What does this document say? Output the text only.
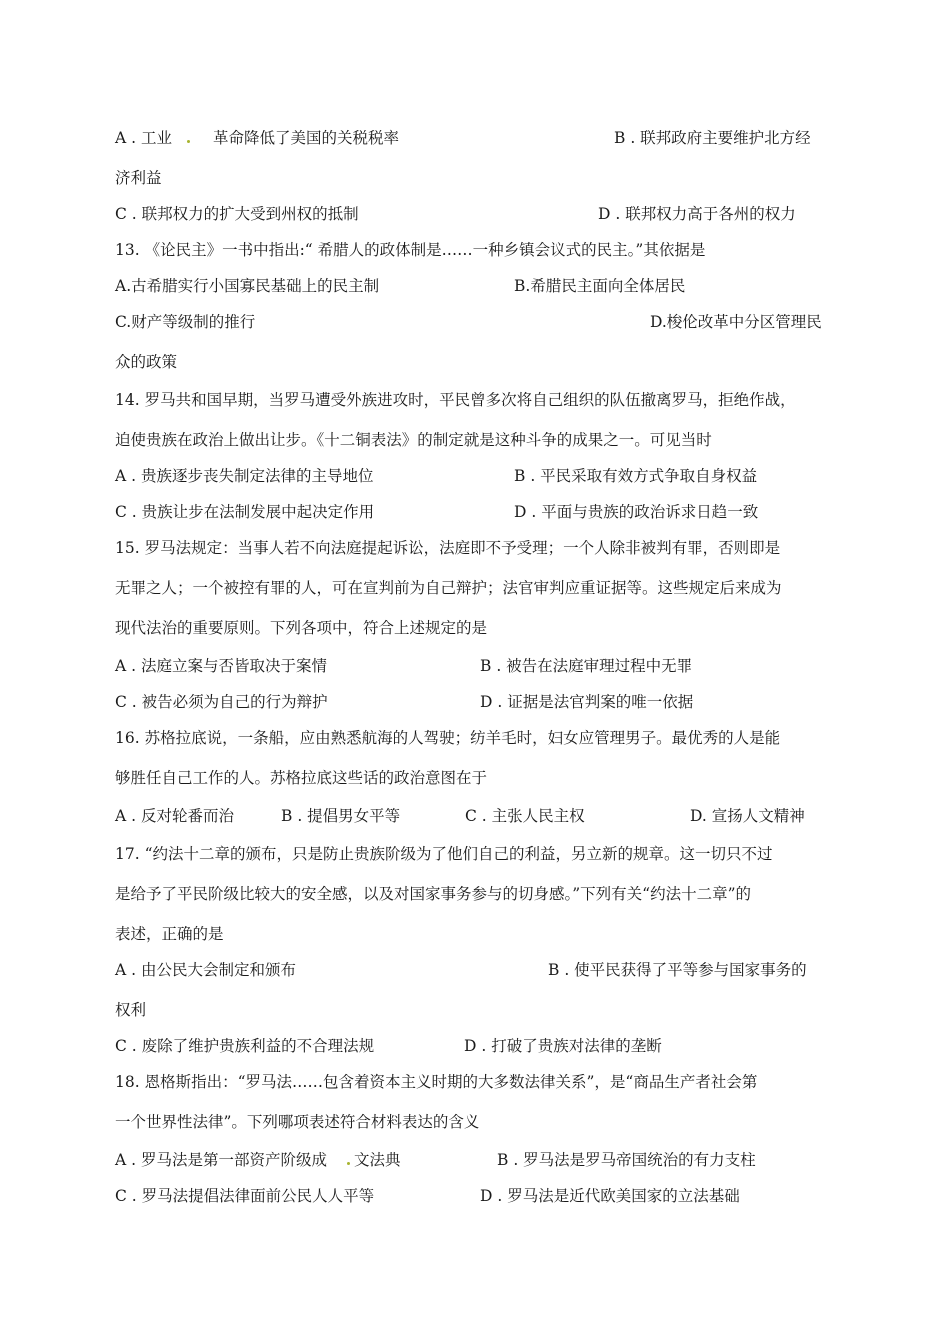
A . 工业	革命降低了美国的关税税率	B . 联邦政府主要维护北方经
济利益
C . 联邦权力的扩大受到州权的抵制	D . 联邦权力高于各州的权力
13. 《论民主》一书中指出:“ 希腊人的政体制是……一种乡镇会议式的民主。”其依据是
A.古希腊实行小国寡民基础上的民主制	B.希腊民主面向全体居民
C.财产等级制的推行	D.梭伦改革中分区管理民
众的政策
14. 罗马共和国早期，当罗马遭受外族进攻时，平民曾多次将自己组织的队伍撤离罗马，拒绝作战，
迫使贵族在政治上做出让步。《十二铜表法》的制定就是这种斗争的成果之一。可见当时
A . 贵族逐步丧失制定法律的主导地位	B . 平民采取有效方式争取自身权益
C . 贵族让步在法制发展中起决定作用	D . 平面与贵族的政治诉求日趋一致
15. 罗马法规定：当事人若不向法庭提起诉讼，法庭即不予受理；一个人除非被判有罪，否则即是
无罪之人；一个被控有罪的人，可在宣判前为自己辩护；法官审判应重证据等。这些规定后来成为
现代法治的重要原则。下列各项中，符合上述规定的是
A . 法庭立案与否皆取决于案情	B . 被告在法庭审理过程中无罪
C . 被告必须为自己的行为辩护	D . 证据是法官判案的唯一依据
16. 苏格拉底说，一条船，应由熟悉航海的人驾驶；纺羊毛时，妇女应管理男子。最优秀的人是能
够胜任自己工作的人。苏格拉底这些话的政治意图在于
A . 反对轮番而治	B . 提倡男女平等	C . 主张人民主权	D. 宣扬人文精神
17. “约法十二章的颁布，只是防止贵族阶级为了他们自己的利益，另立新的规章。这一切只不过
是给予了平民阶级比较大的安全感，以及对国家事务参与的切身感。”下列有关“约法十二章”的
表述，正确的是
A . 由公民大会制定和颁布	B . 使平民获得了平等参与国家事务的
权利
C . 废除了维护贵族利益的不合理法规	D . 打破了贵族对法律的垄断
18. 恩格斯指出：“罗马法……包含着资本主义时期的大多数法律关系”，是“商品生产者社会第
一个世界性法律”。下列哪项表述符合材料表达的含义
A . 罗马法是第一部资产阶级成 文法典	B . 罗马法是罗马帝国统治的有力支柱
C . 罗马法提倡法律面前公民人人平等	D . 罗马法是近代欧美国家的立法基础
